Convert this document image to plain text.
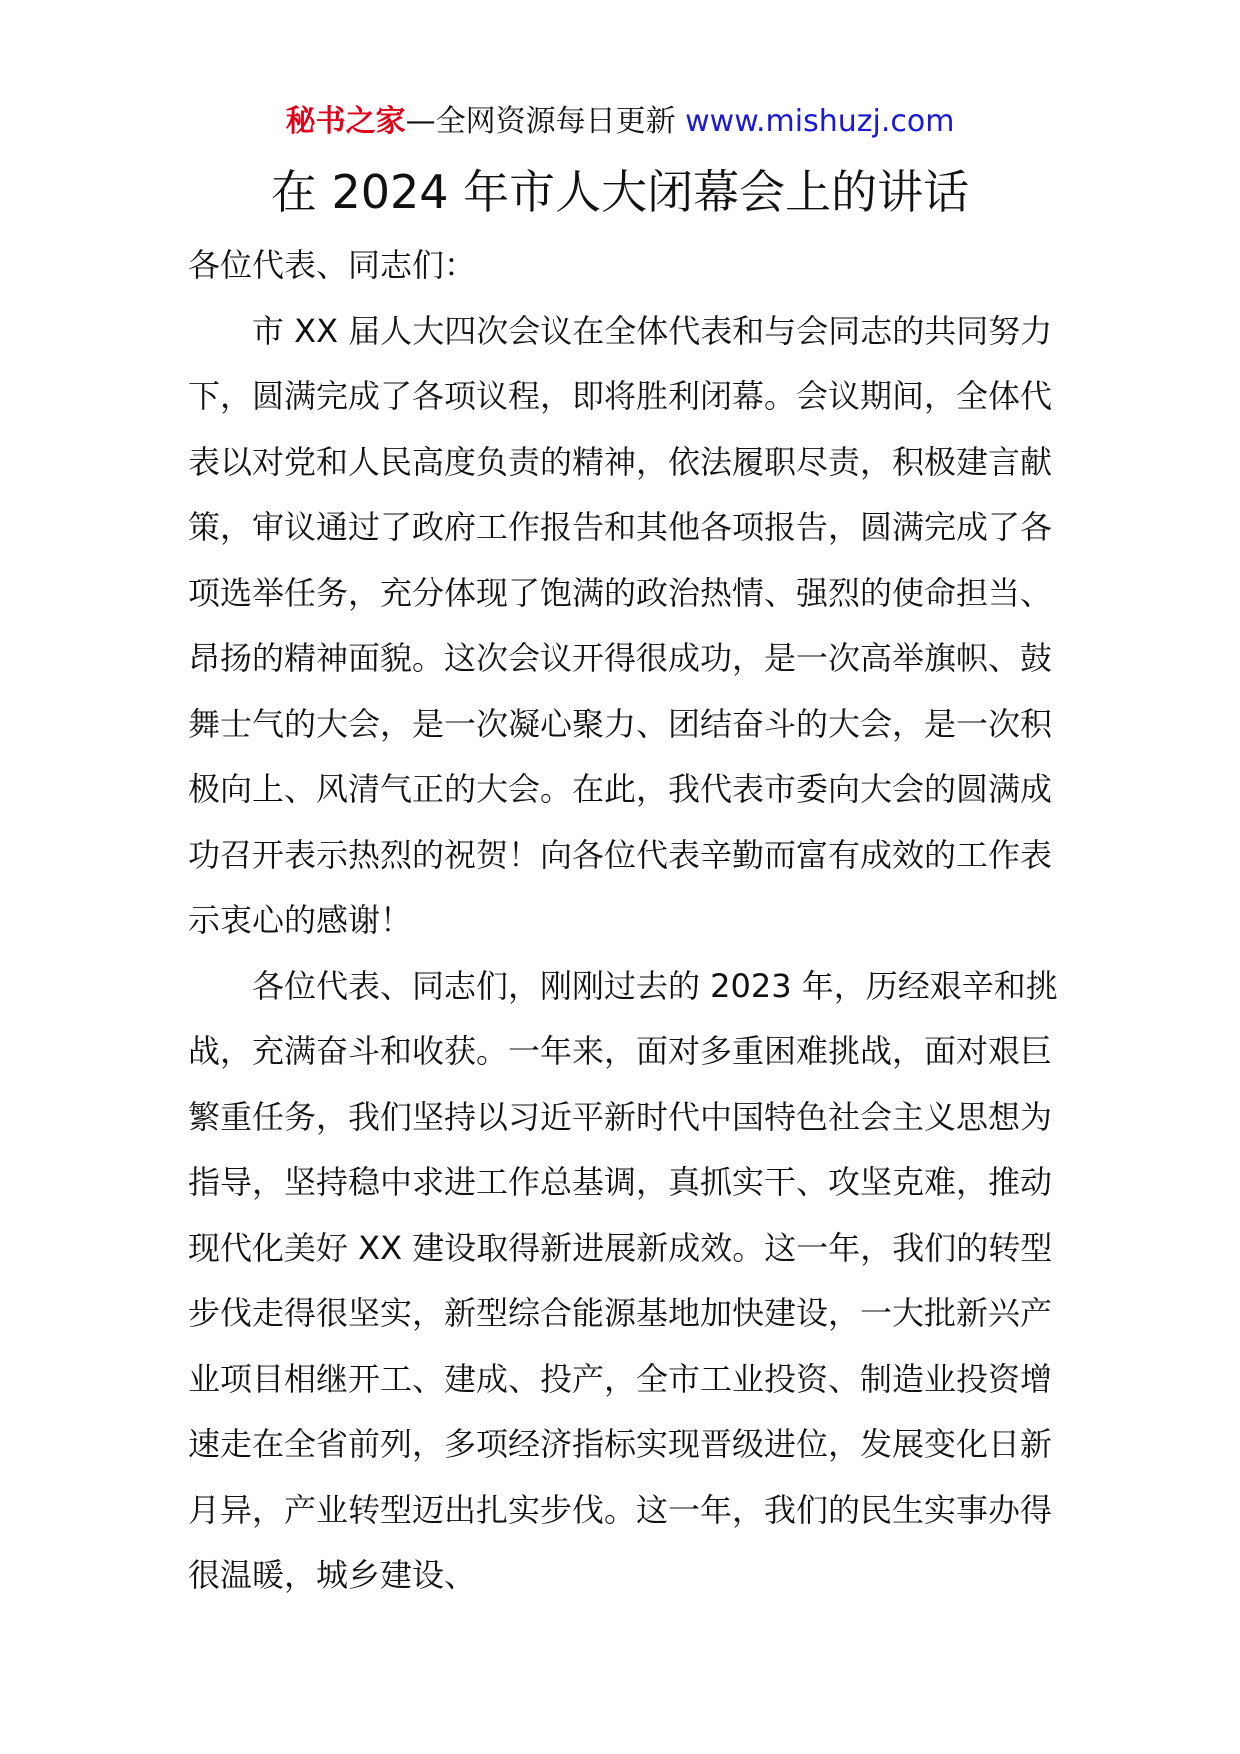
秘书之家—全网资源每日更新 www.mishuzj.com
在 2024 年市人大闭幕会上的讲话

各位代表、同志们：

市 XX 届人大四次会议在全体代表和与会同志的共同努力下，圆满完成了各项议程，即将胜利闭幕。会议期间，全体代表以对党和人民高度负责的精神，依法履职尽责，积极建言献策，审议通过了政府工作报告和其他各项报告，圆满完成了各项选举任务，充分体现了饱满的政治热情、强烈的使命担当、昂扬的精神面貌。这次会议开得很成功，是一次高举旗帜、鼓舞士气的大会，是一次凝心聚力、团结奋斗的大会，是一次积极向上、风清气正的大会。在此，我代表市委向大会的圆满成功召开表示热烈的祝贺！向各位代表辛勤而富有成效的工作表示衷心的感谢！

各位代表、同志们，刚刚过去的 2023 年，历经艰辛和挑战，充满奋斗和收获。一年来，面对多重困难挑战，面对艰巨繁重任务，我们坚持以习近平新时代中国特色社会主义思想为指导，坚持稳中求进工作总基调，真抓实干、攻坚克难，推动现代化美好 XX 建设取得新进展新成效。这一年，我们的转型步伐走得很坚实，新型综合能源基地加快建设，一大批新兴产业项目相继开工、建成、投产，全市工业投资、制造业投资增速走在全省前列，多项经济指标实现晋级进位，发展变化日新月异，产业转型迈出扎实步伐。这一年，我们的民生实事办得很温暖，城乡建设、
